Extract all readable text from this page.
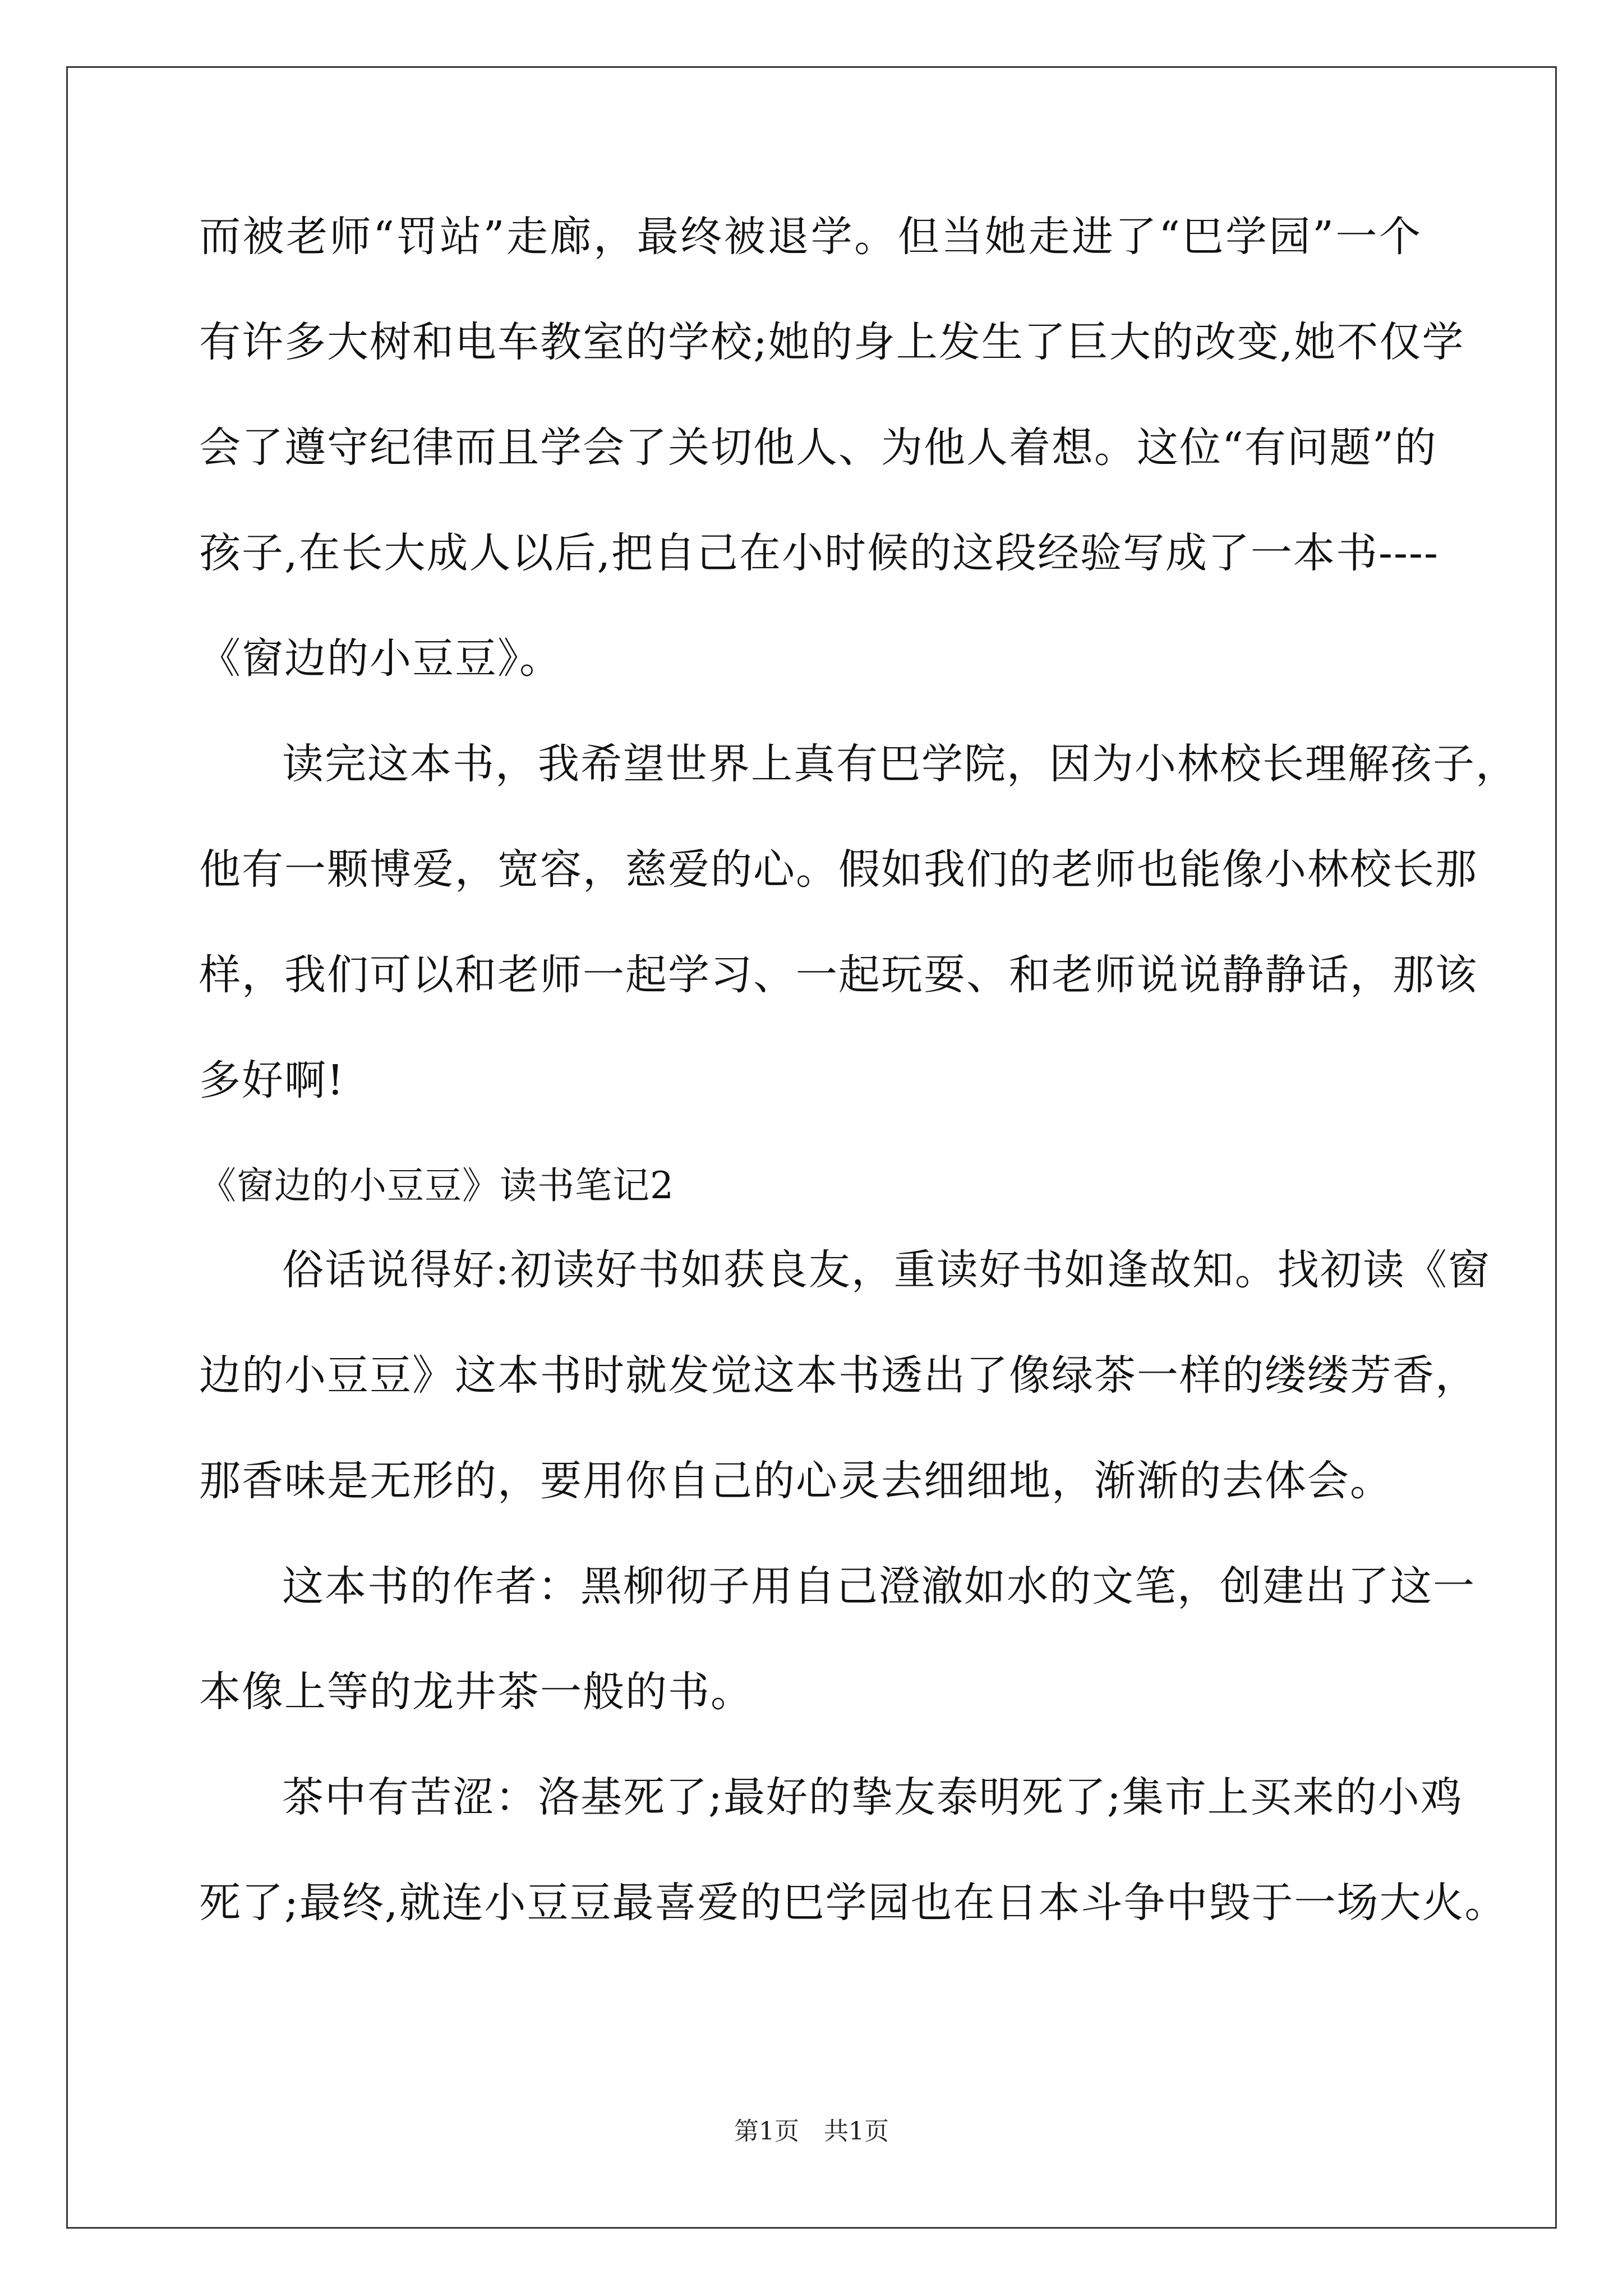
而被老师“罚站”走廊，最终被退学。但当她走进了“巴学园”一个
有许多大树和电车教室的学校;她的身上发生了巨大的改变,她不仅学
会了遵守纪律而且学会了关切他人、为他人着想。这位“有问题”的
孩子,在长大成人以后,把自己在小时候的这段经验写成了一本书----
《窗边的小豆豆》。
读完这本书，我希望世界上真有巴学院，因为小林校长理解孩子，
他有一颗博爱，宽容，慈爱的心。假如我们的老师也能像小林校长那
样，我们可以和老师一起学习、一起玩耍、和老师说说静静话，那该
多好啊!
《窗边的小豆豆》读书笔记2
俗话说得好:初读好书如获良友，重读好书如逢故知。找初读《窗
边的小豆豆》这本书时就发觉这本书透出了像绿茶一样的缕缕芳香，
那香味是无形的，要用你自己的心灵去细细地，渐渐的去体会。
这本书的作者：黑柳彻子用自己澄澈如水的文笔，创建出了这一
本像上等的龙井茶一般的书。
茶中有苦涩：洛基死了;最好的挚友泰明死了;集市上买来的小鸡
死了;最终,就连小豆豆最喜爱的巴学园也在日本斗争中毁于一场大火。
第1页　共1页
